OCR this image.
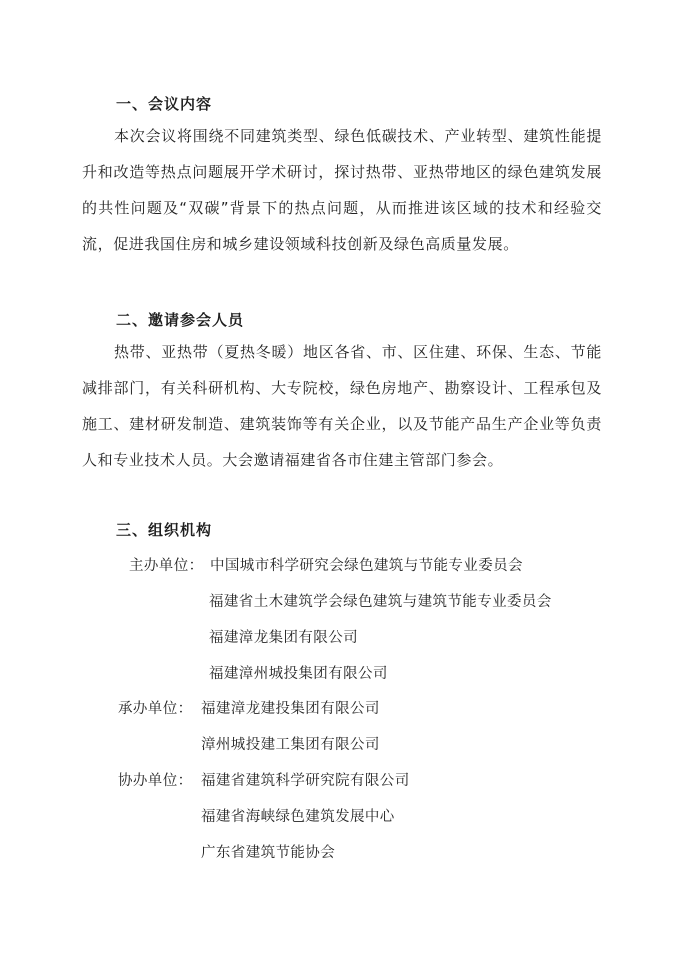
一、会议内容

本次会议将围绕不同建筑类型、绿色低碳技术、产业转型、建筑性能提升和改造等热点问题展开学术研讨，探讨热带、亚热带地区的绿色建筑发展的共性问题及“双碳”背景下的热点问题，从而推进该区域的技术和经验交流，促进我国住房和城乡建设领域科技创新及绿色高质量发展。

二、邀请参会人员

热带、亚热带（夏热冬暖）地区各省、市、区住建、环保、生态、节能减排部门，有关科研机构、大专院校，绿色房地产、勘察设计、工程承包及施工、建材研发制造、建筑装饰等有关企业，以及节能产品生产企业等负责人和专业技术人员。大会邀请福建省各市住建主管部门参会。

三、组织机构
主办单位： 中国城市科学研究会绿色建筑与节能专业委员会
福建省土木建筑学会绿色建筑与建筑节能专业委员会
福建漳龙集团有限公司
福建漳州城投集团有限公司
承办单位： 福建漳龙建投集团有限公司
漳州城投建工集团有限公司
协办单位： 福建省建筑科学研究院有限公司
福建省海峡绿色建筑发展中心
广东省建筑节能协会
